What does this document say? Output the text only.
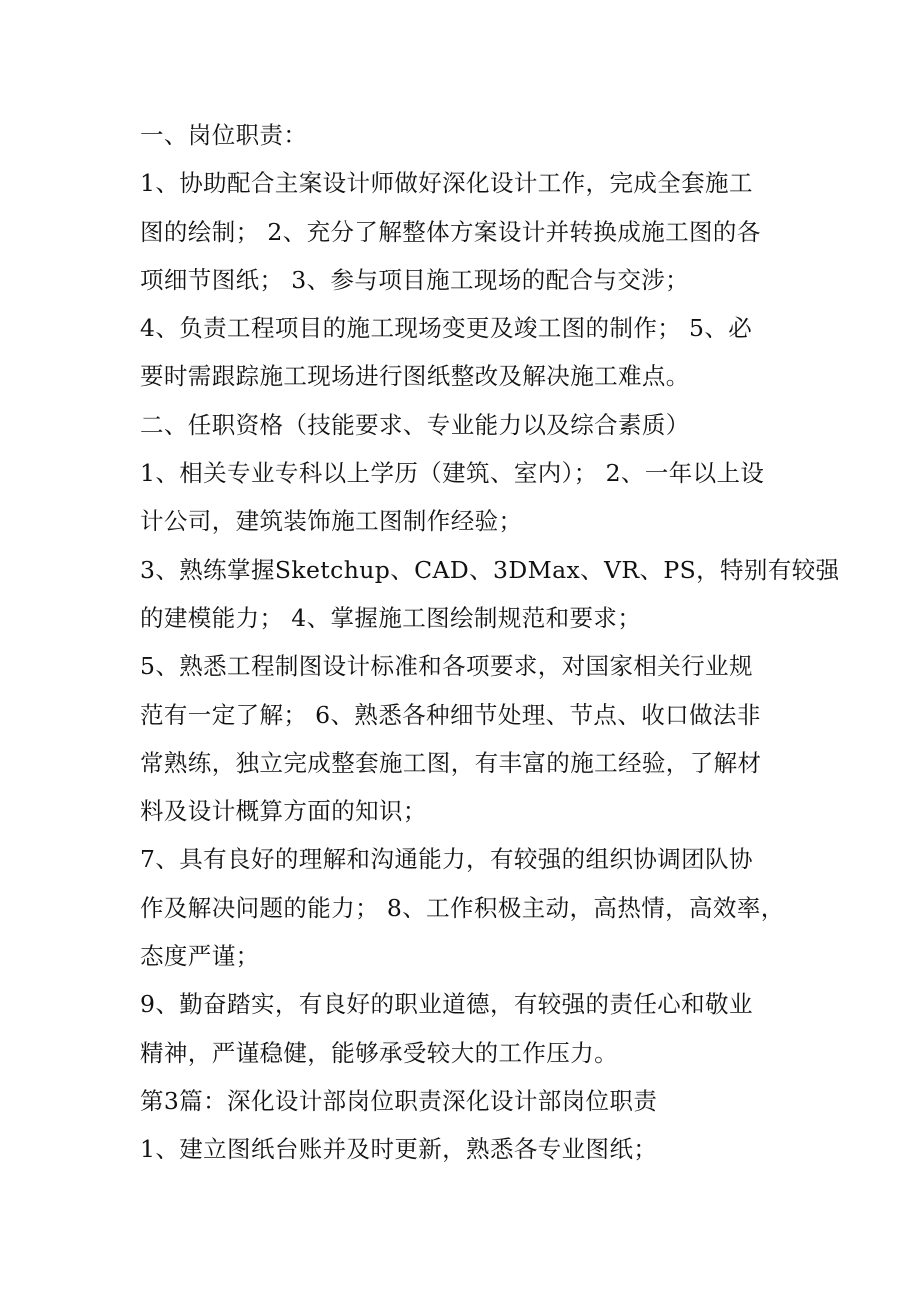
一、岗位职责：
1、协助配合主案设计师做好深化设计工作，完成全套施工
图的绘制； 2、充分了解整体方案设计并转换成施工图的各
项细节图纸； 3、参与项目施工现场的配合与交涉；
4、负责工程项目的施工现场变更及竣工图的制作； 5、必
要时需跟踪施工现场进行图纸整改及解决施工难点。
二、任职资格（技能要求、专业能力以及综合素质）
1、相关专业专科以上学历（建筑、室内）； 2、一年以上设
计公司，建筑装饰施工图制作经验；
3、熟练掌握Sketchup、CAD、3DMax、VR、PS，特别有较强
的建模能力； 4、掌握施工图绘制规范和要求；
5、熟悉工程制图设计标准和各项要求，对国家相关行业规
范有一定了解； 6、熟悉各种细节处理、节点、收口做法非
常熟练，独立完成整套施工图，有丰富的施工经验，了解材
料及设计概算方面的知识；
7、具有良好的理解和沟通能力，有较强的组织协调团队协
作及解决问题的能力； 8、工作积极主动，高热情，高效率，
态度严谨；
9、勤奋踏实，有良好的职业道德，有较强的责任心和敬业
精神，严谨稳健，能够承受较大的工作压力。
第3篇：深化设计部岗位职责深化设计部岗位职责
1、建立图纸台账并及时更新，熟悉各专业图纸；
